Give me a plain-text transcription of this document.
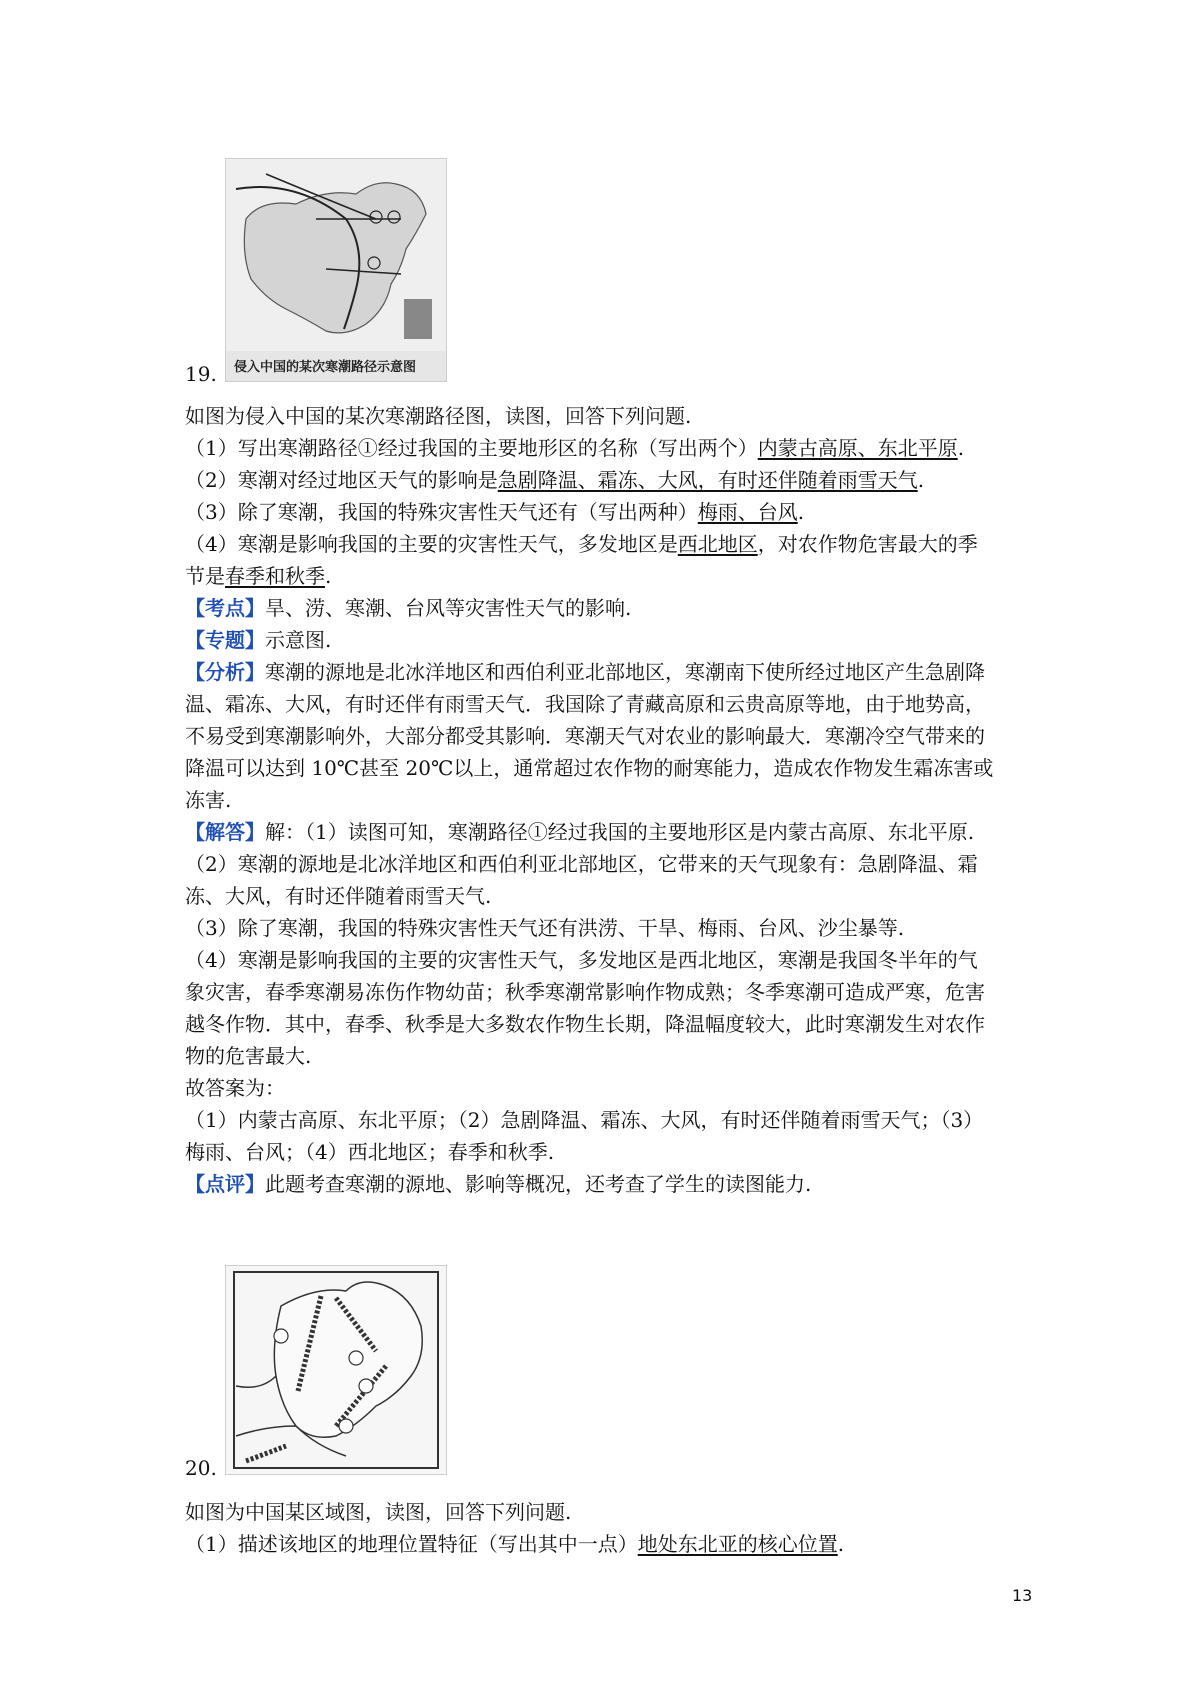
侵入中国的某次寒潮路径示意图
19.
如图为侵入中国的某次寒潮路径图，读图，回答下列问题.
（1）写出寒潮路径①经过我国的主要地形区的名称（写出两个）内蒙古高原、东北平原.
（2）寒潮对经过地区天气的影响是急剧降温、霜冻、大风，有时还伴随着雨雪天气.
（3）除了寒潮，我国的特殊灾害性天气还有（写出两种）梅雨、台风.
（4）寒潮是影响我国的主要的灾害性天气，多发地区是西北地区，对农作物危害最大的季
节是春季和秋季.
【考点】旱、涝、寒潮、台风等灾害性天气的影响.
【专题】示意图.
【分析】寒潮的源地是北冰洋地区和西伯利亚北部地区，寒潮南下使所经过地区产生急剧降
温、霜冻、大风，有时还伴有雨雪天气．我国除了青藏高原和云贵高原等地，由于地势高，
不易受到寒潮影响外，大部分都受其影响．寒潮天气对农业的影响最大．寒潮冷空气带来的
降温可以达到 10℃甚至 20℃以上，通常超过农作物的耐寒能力，造成农作物发生霜冻害或
冻害.
【解答】解：（1）读图可知，寒潮路径①经过我国的主要地形区是内蒙古高原、东北平原.
（2）寒潮的源地是北冰洋地区和西伯利亚北部地区，它带来的天气现象有：急剧降温、霜
冻、大风，有时还伴随着雨雪天气.
（3）除了寒潮，我国的特殊灾害性天气还有洪涝、干旱、梅雨、台风、沙尘暴等.
（4）寒潮是影响我国的主要的灾害性天气，多发地区是西北地区，寒潮是我国冬半年的气
象灾害，春季寒潮易冻伤作物幼苗；秋季寒潮常影响作物成熟；冬季寒潮可造成严寒，危害
越冬作物．其中，春季、秋季是大多数农作物生长期，降温幅度较大，此时寒潮发生对农作
物的危害最大.
故答案为：
（1）内蒙古高原、东北平原；（2）急剧降温、霜冻、大风，有时还伴随着雨雪天气；（3）
梅雨、台风；（4）西北地区；春季和秋季.
【点评】此题考查寒潮的源地、影响等概况，还考查了学生的读图能力.
20.
如图为中国某区域图，读图，回答下列问题.
（1）描述该地区的地理位置特征（写出其中一点）地处东北亚的核心位置.
13
